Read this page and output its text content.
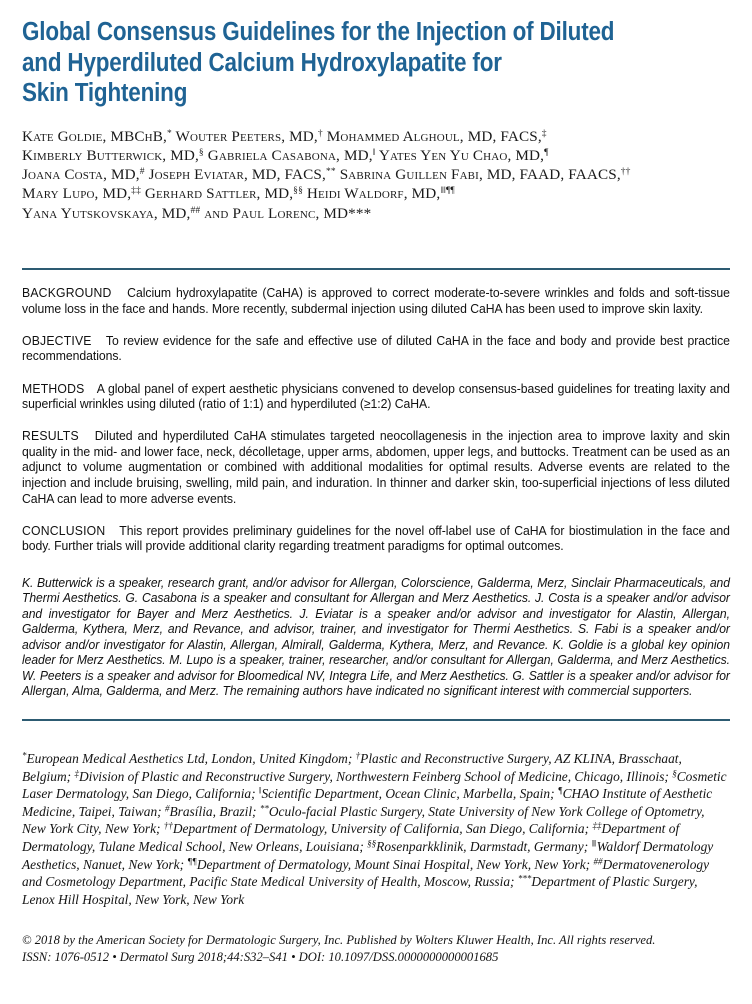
Global Consensus Guidelines for the Injection of Diluted
and Hyperdiluted Calcium Hydroxylapatite for
Skin Tightening
Kate Goldie, MBChB,* Wouter Peeters, MD,† Mohammed Alghoul, MD, FACS,‡
Kimberly Butterwick, MD,§ Gabriela Casabona, MD,‖ Yates Yen Yu Chao, MD,¶
Joana Costa, MD,# Joseph Eviatar, MD, FACS,** Sabrina Guillen Fabi, MD, FAAD, FAACS,††
Mary Lupo, MD,‡‡ Gerhard Sattler, MD,§§ Heidi Waldorf, MD,‖‖¶¶
Yana Yutskovskaya, MD,## and Paul Lorenc, MD***

BACKGROUND Calcium hydroxylapatite (CaHA) is approved to correct moderate-to-severe wrinkles and folds and soft-tissue volume loss in the face and hands. More recently, subdermal injection using diluted CaHA has been used to improve skin laxity.

OBJECTIVE To review evidence for the safe and effective use of diluted CaHA in the face and body and provide best practice recommendations.

METHODS A global panel of expert aesthetic physicians convened to develop consensus-based guidelines for treating laxity and superficial wrinkles using diluted (ratio of 1:1) and hyperdiluted (≥1:2) CaHA.

RESULTS Diluted and hyperdiluted CaHA stimulates targeted neocollagenesis in the injection area to improve laxity and skin quality in the mid- and lower face, neck, décolletage, upper arms, abdomen, upper legs, and buttocks. Treatment can be used as an adjunct to volume augmentation or combined with additional modalities for optimal results. Adverse events are related to the injection and include bruising, swelling, mild pain, and induration. In thinner and darker skin, too-superficial injections of less diluted CaHA can lead to more adverse events.

CONCLUSION This report provides preliminary guidelines for the novel off-label use of CaHA for biostimulation in the face and body. Further trials will provide additional clarity regarding treatment paradigms for optimal outcomes.

K. Butterwick is a speaker, research grant, and/or advisor for Allergan, Colorscience, Galderma, Merz, Sinclair Pharmaceuticals, and Thermi Aesthetics. G. Casabona is a speaker and consultant for Allergan and Merz Aesthetics. J. Costa is a speaker and/or advisor and investigator for Bayer and Merz Aesthetics. J. Eviatar is a speaker and/or advisor and investigator for Alastin, Allergan, Galderma, Kythera, Merz, and Revance, and advisor, trainer, and investigator for Thermi Aesthetics. S. Fabi is a speaker and/or advisor and/or investigator for Alastin, Allergan, Almirall, Galderma, Kythera, Merz, and Revance. K. Goldie is a global key opinion leader for Merz Aesthetics. M. Lupo is a speaker, trainer, researcher, and/or consultant for Allergan, Galderma, and Merz Aesthetics. W. Peeters is a speaker and advisor for Bloomedical NV, Integra Life, and Merz Aesthetics. G. Sattler is a speaker and/or advisor for Allergan, Alma, Galderma, and Merz. The remaining authors have indicated no significant interest with commercial supporters.

*European Medical Aesthetics Ltd, London, United Kingdom; †Plastic and Reconstructive Surgery, AZ KLINA, Brasschaat, Belgium; ‡Division of Plastic and Reconstructive Surgery, Northwestern Feinberg School of Medicine, Chicago, Illinois; §Cosmetic Laser Dermatology, San Diego, California; ‖Scientific Department, Ocean Clinic, Marbella, Spain; ¶CHAO Institute of Aesthetic Medicine, Taipei, Taiwan; #Brasília, Brazil; **Oculo-facial Plastic Surgery, State University of New York College of Optometry, New York City, New York; ††Department of Dermatology, University of California, San Diego, California; ‡‡Department of Dermatology, Tulane Medical School, New Orleans, Louisiana; §§Rosenparkklinik, Darmstadt, Germany; ‖‖Waldorf Dermatology Aesthetics, Nanuet, New York; ¶¶Department of Dermatology, Mount Sinai Hospital, New York, New York; ##Dermatovenerology and Cosmetology Department, Pacific State Medical University of Health, Moscow, Russia; ***Department of Plastic Surgery, Lenox Hill Hospital, New York, New York

© 2018 by the American Society for Dermatologic Surgery, Inc. Published by Wolters Kluwer Health, Inc. All rights reserved.
ISSN: 1076-0512 • Dermatol Surg 2018;44:S32–S41 • DOI: 10.1097/DSS.0000000000001685
